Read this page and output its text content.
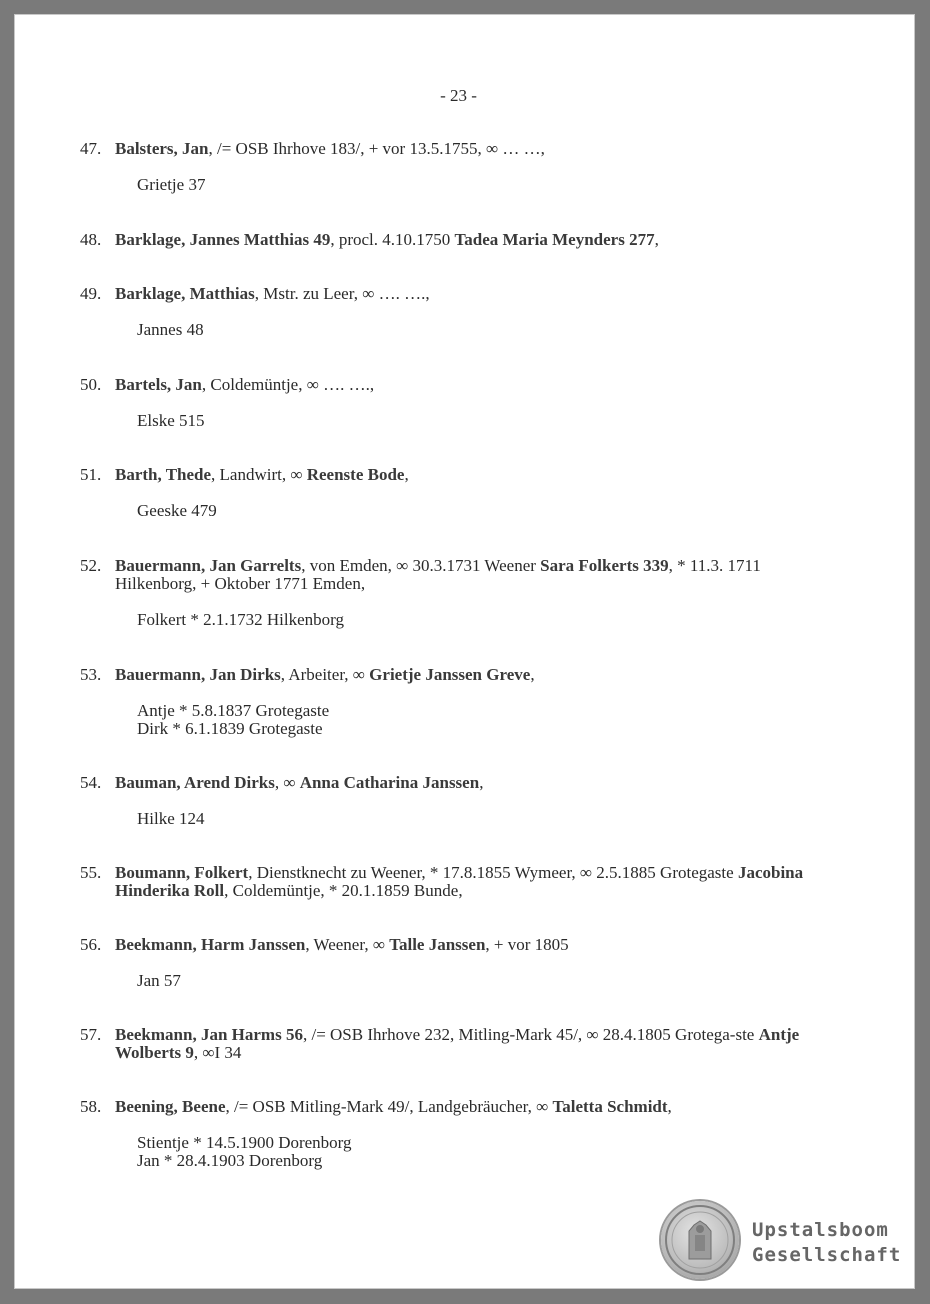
- 23 -
47. Balsters, Jan, /= OSB Ihrhove 183/, + vor 13.5.1755, ∞ … …,
Grietje 37
48. Barklage, Jannes Matthias 49, procl. 4.10.1750 Tadea Maria Meynders 277,
49. Barklage, Matthias, Mstr. zu Leer, ∞ …. ….,
Jannes 48
50. Bartels, Jan, Coldemüntje, ∞ …. ….,
Elske 515
51. Barth, Thede, Landwirt, ∞ Reenste Bode,
Geeske 479
52. Bauermann, Jan Garrelts, von Emden, ∞ 30.3.1731 Weener Sara Folkerts 339, * 11.3. 1711 Hilkenborg, + Oktober 1771 Emden,
Folkert * 2.1.1732 Hilkenborg
53. Bauermann, Jan Dirks, Arbeiter, ∞ Grietje Janssen Greve,
Antje * 5.8.1837 Grotegaste
Dirk * 6.1.1839 Grotegaste
54. Bauman, Arend Dirks, ∞ Anna Catharina Janssen,
Hilke 124
55. Boumann, Folkert, Dienstknecht zu Weener, * 17.8.1855 Wymeer, ∞ 2.5.1885 Grotegaste Jacobina Hinderika Roll, Coldemüntje, * 20.1.1859 Bunde,
56. Beekmann, Harm Janssen, Weener, ∞ Talle Janssen, + vor 1805
Jan 57
57. Beekmann, Jan Harms 56, /= OSB Ihrhove 232, Mitling-Mark 45/, ∞ 28.4.1805 Grotega-ste Antje Wolberts 9, ∞I 34
58. Beening, Beene, /= OSB Mitling-Mark 49/, Landgebräucher, ∞ Taletta Schmidt,
Stientje * 14.5.1900 Dorenborg
Jan * 28.4.1903 Dorenborg
Upstalsboom
Gesellschaft
